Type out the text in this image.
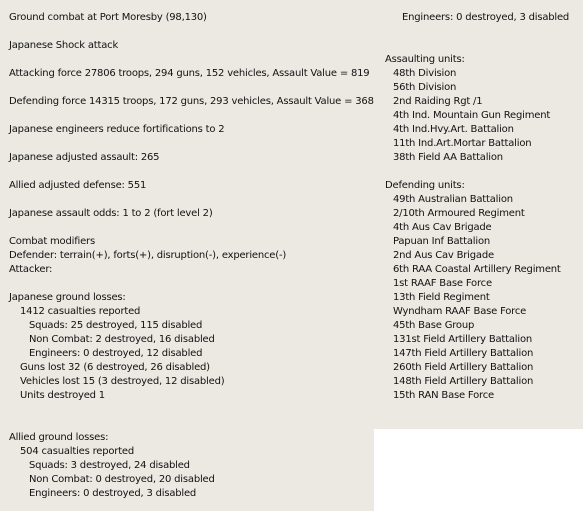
Ground combat at Port Moresby (98,130)
Japanese Shock attack
Attacking force 27806 troops, 294 guns, 152 vehicles, Assault Value = 819
Defending force 14315 troops, 172 guns, 293 vehicles, Assault Value = 368
Japanese engineers reduce fortifications to 2
Japanese adjusted assault: 265
Allied adjusted defense: 551
Japanese assault odds: 1 to 2 (fort level 2)
Combat modifiers
Defender: terrain(+), forts(+), disruption(-), experience(-)
Attacker:
Japanese ground losses:
1412 casualties reported
Squads: 25 destroyed, 115 disabled
Non Combat: 2 destroyed, 16 disabled
Engineers: 0 destroyed, 12 disabled
Guns lost 32 (6 destroyed, 26 disabled)
Vehicles lost 15 (3 destroyed, 12 disabled)
Units destroyed 1
Allied ground losses:
504 casualties reported
Squads: 3 destroyed, 24 disabled
Non Combat: 0 destroyed, 20 disabled
Engineers: 0 destroyed, 3 disabled
Engineers: 0 destroyed, 3 disabled
Assaulting units:
48th Division
56th Division
2nd Raiding Rgt /1
4th Ind. Mountain Gun Regiment
4th Ind.Hvy.Art. Battalion
11th Ind.Art.Mortar Battalion
38th Field AA Battalion
Defending units:
49th Australian Battalion
2/10th Armoured Regiment
4th Aus Cav Brigade
Papuan Inf Battalion
2nd Aus Cav Brigade
6th RAA Coastal Artillery Regiment
1st RAAF Base Force
13th Field Regiment
Wyndham RAAF Base Force
45th Base Group
131st Field Artillery Battalion
147th Field Artillery Battalion
260th Field Artillery Battalion
148th Field Artillery Battalion
15th RAN Base Force
